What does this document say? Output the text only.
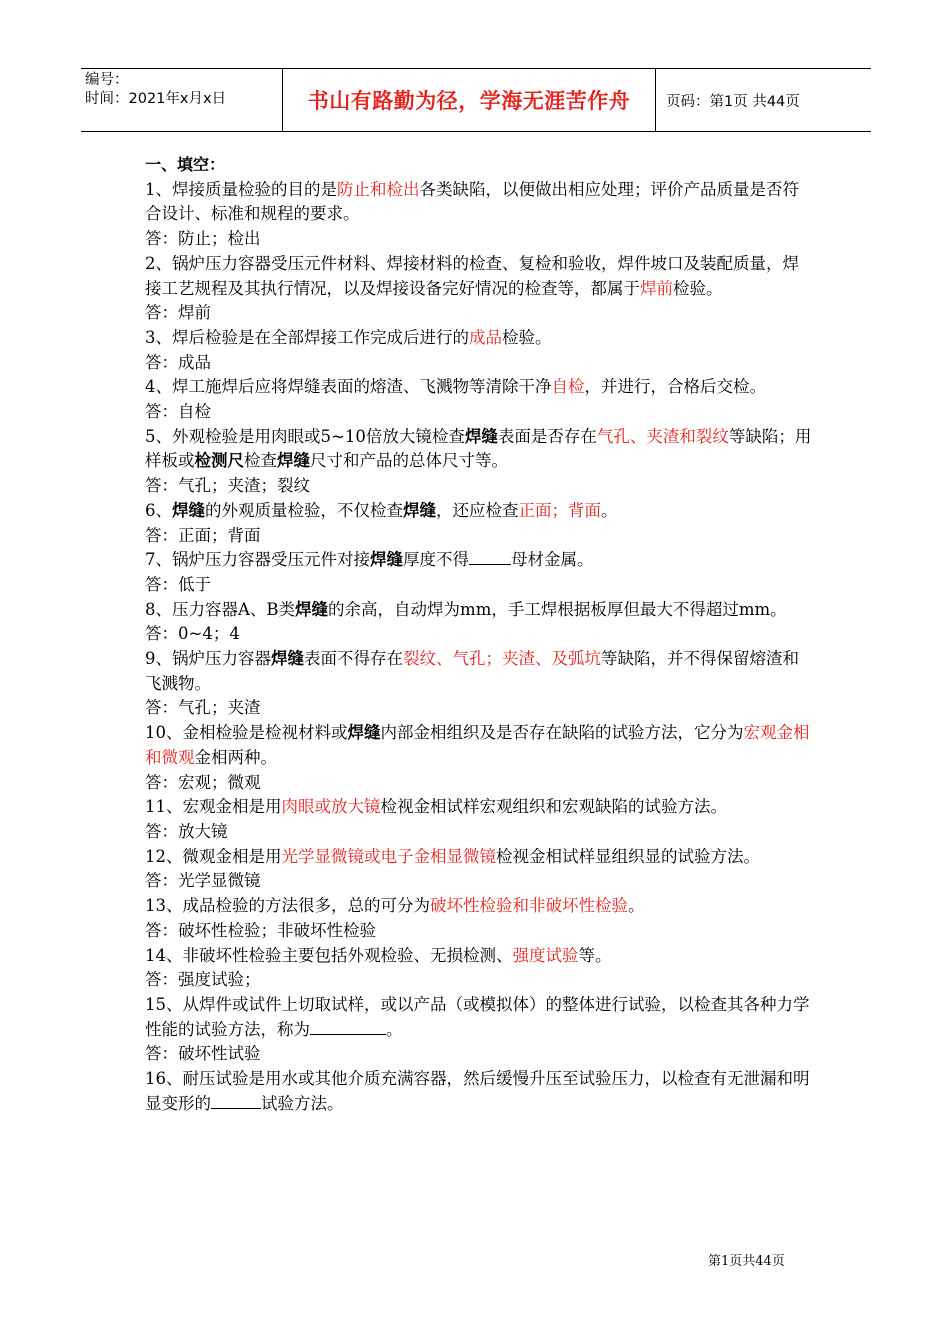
编号：
时间：2021年x月x日	书山有路勤为径，学海无涯苦作舟	页码：第1页 共44页

一、填空：

1、焊接质量检验的目的是防止和检出各类缺陷，以便做出相应处理；评价产品质量是否符合设计、标准和规程的要求。

答：防止；检出

2、锅炉压力容器受压元件材料、焊接材料的检查、复检和验收，焊件坡口及装配质量，焊接工艺规程及其执行情况，以及焊接设备完好情况的检查等，都属于焊前检验。

答：焊前

3、焊后检验是在全部焊接工作完成后进行的成品检验。

答：成品

4、焊工施焊后应将焊缝表面的熔渣、飞溅物等清除干净自检，并进行，合格后交检。

答：自检

5、外观检验是用肉眼或5~10倍放大镜检查焊缝表面是否存在气孔、夹渣和裂纹等缺陷；用样板或检测尺检查焊缝尺寸和产品的总体尺寸等。

答：气孔；夹渣；裂纹

6、焊缝的外观质量检验，不仅检查焊缝，还应检查正面；背面。

答：正面；背面

7、锅炉压力容器受压元件对接焊缝厚度不得	母材金属。

答：低于

8、压力容器A、B类焊缝的余高，自动焊为mm，手工焊根据板厚但最大不得超过mm。

答：0~4；4

9、锅炉压力容器焊缝表面不得存在裂纹、气孔；夹渣、及弧坑等缺陷，并不得保留熔渣和飞溅物。

答：气孔；夹渣

10、金相检验是检视材料或焊缝内部金相组织及是否存在缺陷的试验方法，它分为宏观金相和微观金相两种。

答：宏观；微观

11、宏观金相是用肉眼或放大镜检视金相试样宏观组织和宏观缺陷的试验方法。

答：放大镜

12、微观金相是用光学显微镜或电子金相显微镜检视金相试样显组织显的试验方法。

答：光学显微镜

13、成品检验的方法很多，总的可分为破坏性检验和非破坏性检验。

答：破坏性检验；非破坏性检验

14、非破坏性检验主要包括外观检验、无损检测、强度试验等。

答：强度试验；

15、从焊件或试件上切取试样，或以产品（或模拟体）的整体进行试验，以检查其各种力学性能的试验方法，称为	。

答：破坏性试验

16、耐压试验是用水或其他介质充满容器，然后缓慢升压至试验压力，以检查有无泄漏和明显变形的	试验方法。

第1页共44页
